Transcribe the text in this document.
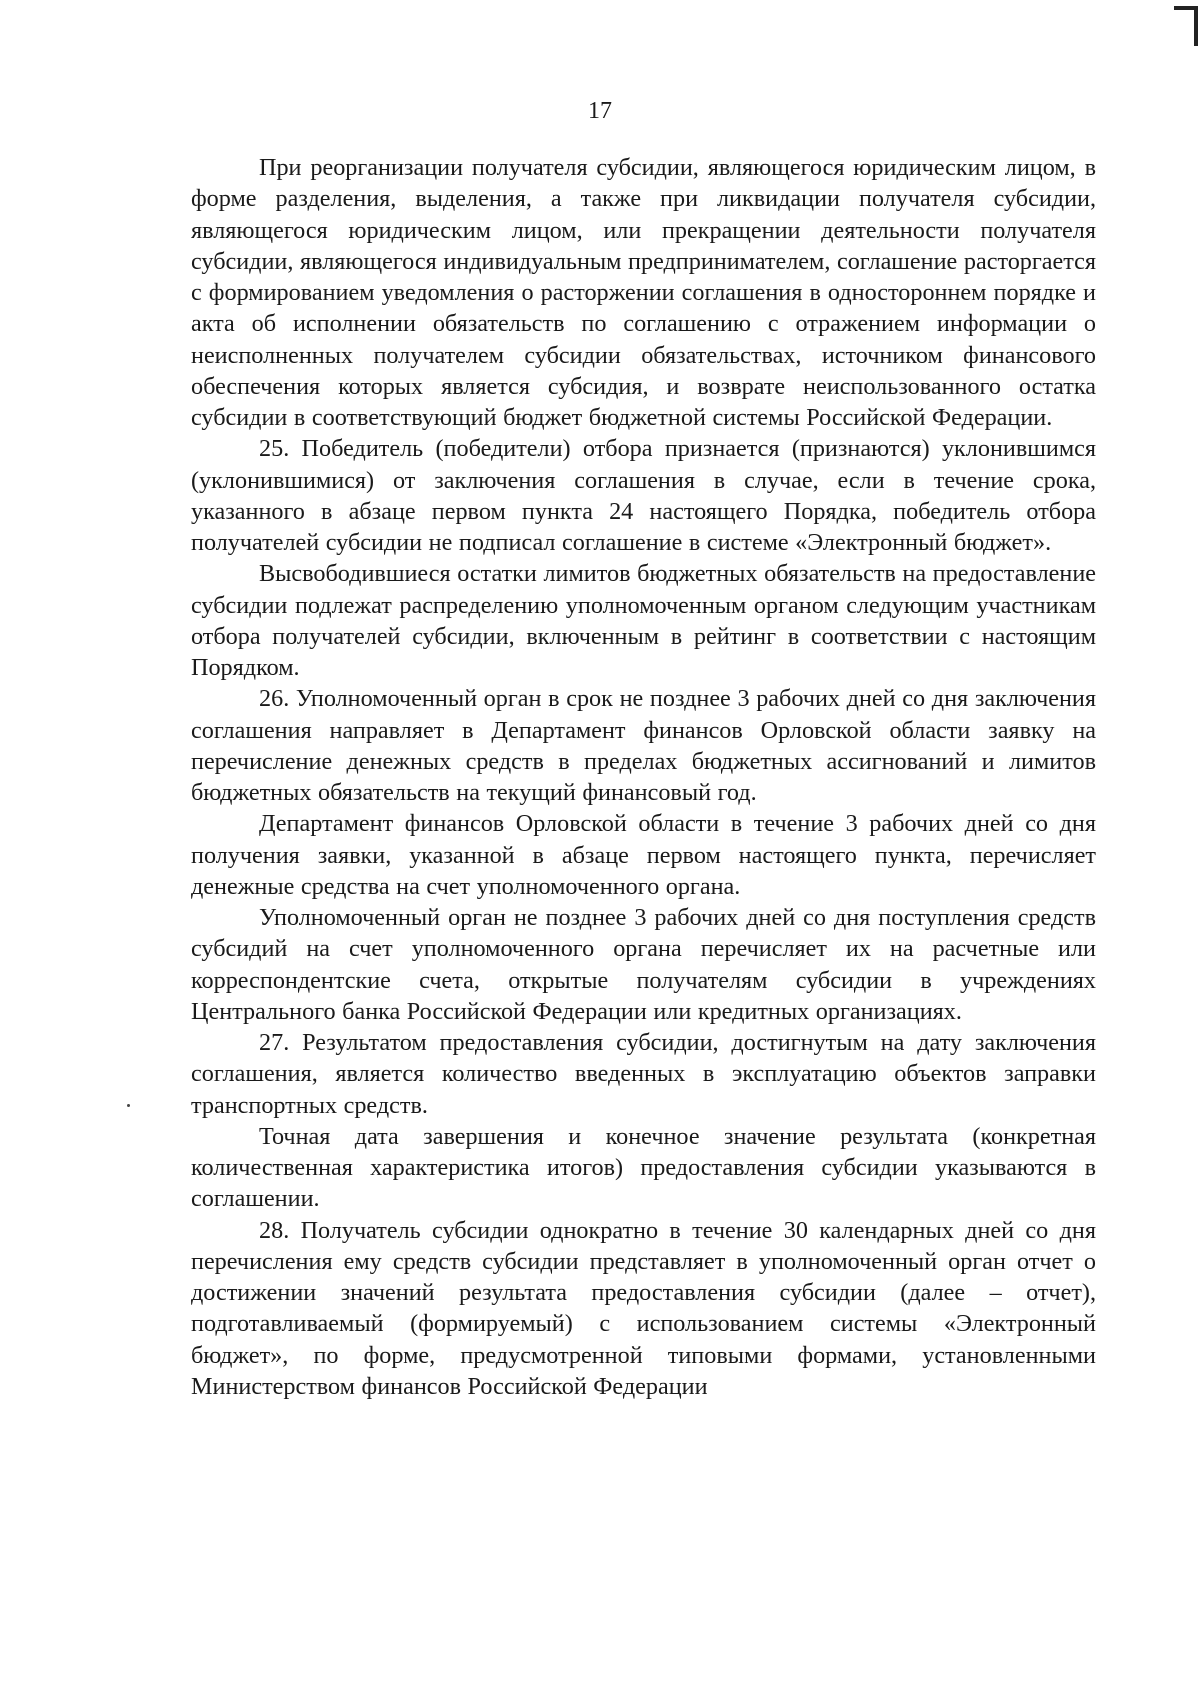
17

При реорганизации получателя субсидии, являющегося юридическим лицом, в форме разделения, выделения, а также при ликвидации получателя субсидии, являющегося юридическим лицом, или прекращении деятельности получателя субсидии, являющегося индивидуальным предпринимателем, соглашение расторгается с формированием уведомления о расторжении соглашения в одностороннем порядке и акта об исполнении обязательств по соглашению с отражением информации о неисполненных получателем субсидии обязательствах, источником финансового обеспечения которых является субсидия, и возврате неиспользованного остатка субсидии в соответствующий бюджет бюджетной системы Российской Федерации.

25. Победитель (победители) отбора признается (признаются) уклонившимся (уклонившимися) от заключения соглашения в случае, если в течение срока, указанного в абзаце первом пункта 24 настоящего Порядка, победитель отбора получателей субсидии не подписал соглашение в системе «Электронный бюджет».

Высвободившиеся остатки лимитов бюджетных обязательств на предоставление субсидии подлежат распределению уполномоченным органом следующим участникам отбора получателей субсидии, включенным в рейтинг в соответствии с настоящим Порядком.

26. Уполномоченный орган в срок не позднее 3 рабочих дней со дня заключения соглашения направляет в Департамент финансов Орловской области заявку на перечисление денежных средств в пределах бюджетных ассигнований и лимитов бюджетных обязательств на текущий финансовый год.

Департамент финансов Орловской области в течение 3 рабочих дней со дня получения заявки, указанной в абзаце первом настоящего пункта, перечисляет денежные средства на счет уполномоченного органа.

Уполномоченный орган не позднее 3 рабочих дней со дня поступления средств субсидий на счет уполномоченного органа перечисляет их на расчетные или корреспондентские счета, открытые получателям субсидии в учреждениях Центрального банка Российской Федерации или кредитных организациях.

27. Результатом предоставления субсидии, достигнутым на дату заключения соглашения, является количество введенных в эксплуатацию объектов заправки транспортных средств.

Точная дата завершения и конечное значение результата (конкретная количественная характеристика итогов) предоставления субсидии указываются в соглашении.

28. Получатель субсидии однократно в течение 30 календарных дней со дня перечисления ему средств субсидии представляет в уполномоченный орган отчет о достижении значений результата предоставления субсидии (далее – отчет), подготавливаемый (формируемый) с использованием системы «Электронный бюджет», по форме, предусмотренной типовыми формами, установленными Министерством финансов Российской Федерации
